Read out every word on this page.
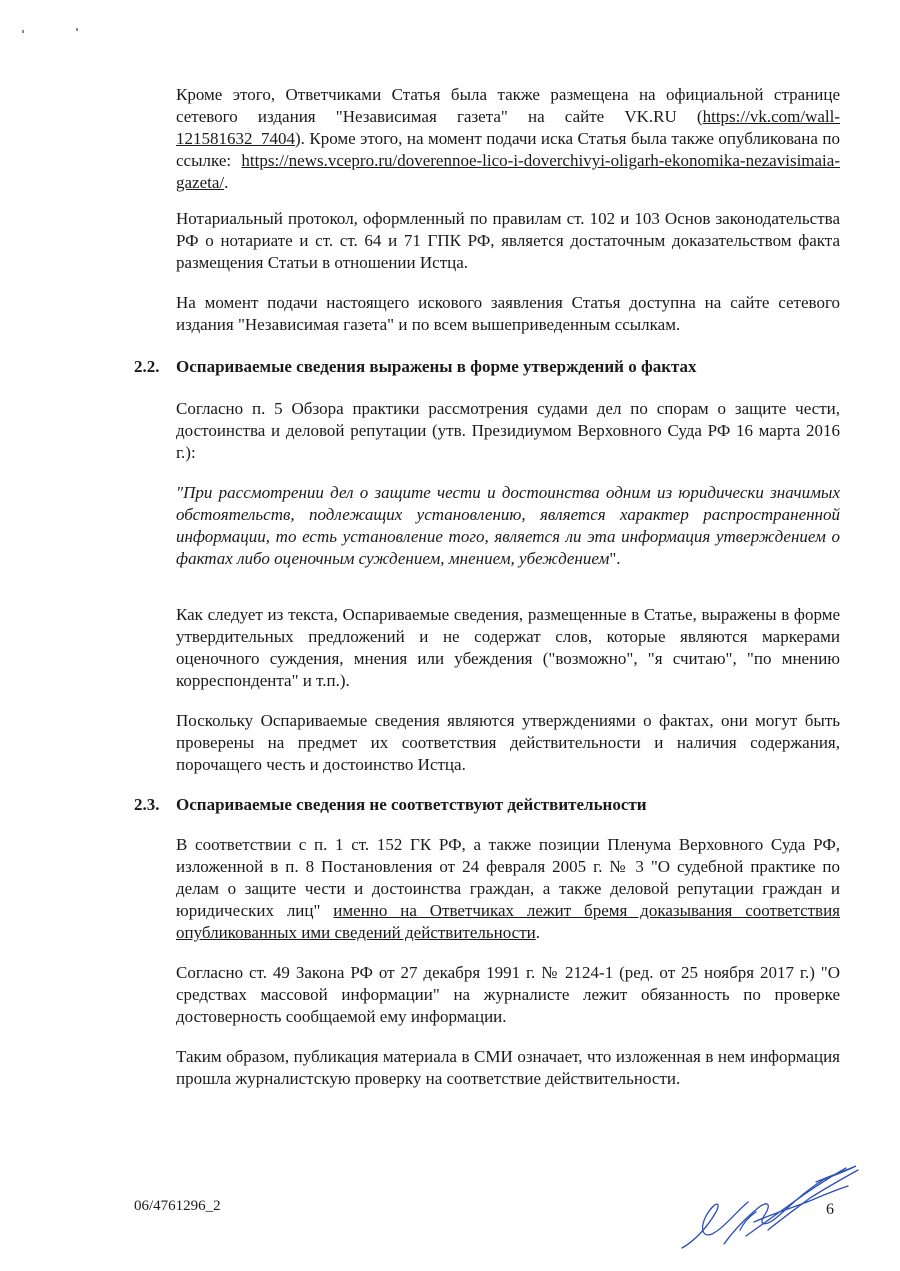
Кроме этого, Ответчиками Статья была также размещена на официальной странице сетевого издания "Независимая газета" на сайте VK.RU (https://vk.com/wall-121581632_7404). Кроме этого, на момент подачи иска Статья была также опубликована по ссылке: https://news.vcepro.ru/doverennoe-lico-i-doverchivyi-oligarh-ekonomika-nezavisimaia-gazeta/.

Нотариальный протокол, оформленный по правилам ст. 102 и 103 Основ законодательства РФ о нотариате и ст. ст. 64 и 71 ГПК РФ, является достаточным доказательством факта размещения Статьи в отношении Истца.

На момент подачи настоящего искового заявления Статья доступна на сайте сетевого издания "Независимая газета" и по всем вышеприведенным ссылкам.

2.2. Оспариваемые сведения выражены в форме утверждений о фактах

Согласно п. 5 Обзора практики рассмотрения судами дел по спорам о защите чести, достоинства и деловой репутации (утв. Президиумом Верховного Суда РФ 16 марта 2016 г.):

"При рассмотрении дел о защите чести и достоинства одним из юридически значимых обстоятельств, подлежащих установлению, является характер распространенной информации, то есть установление того, является ли эта информация утверждением о фактах либо оценочным суждением, мнением, убеждением".

Как следует из текста, Оспариваемые сведения, размещенные в Статье, выражены в форме утвердительных предложений и не содержат слов, которые являются маркерами оценочного суждения, мнения или убеждения ("возможно", "я считаю", "по мнению корреспондента" и т.п.).

Поскольку Оспариваемые сведения являются утверждениями о фактах, они могут быть проверены на предмет их соответствия действительности и наличия содержания, порочащего честь и достоинство Истца.

2.3. Оспариваемые сведения не соответствуют действительности

В соответствии с п. 1 ст. 152 ГК РФ, а также позиции Пленума Верховного Суда РФ, изложенной в п. 8 Постановления от 24 февраля 2005 г. № 3 "О судебной практике по делам о защите чести и достоинства граждан, а также деловой репутации граждан и юридических лиц" именно на Ответчиках лежит бремя доказывания соответствия опубликованных ими сведений действительности.

Согласно ст. 49 Закона РФ от 27 декабря 1991 г. № 2124-1 (ред. от 25 ноября 2017 г.) "О средствах массовой информации" на журналисте лежит обязанность по проверке достоверность сообщаемой ему информации.

Таким образом, публикация материала в СМИ означает, что изложенная в нем информация прошла журналистскую проверку на соответствие действительности.

06/4761296_2	6
